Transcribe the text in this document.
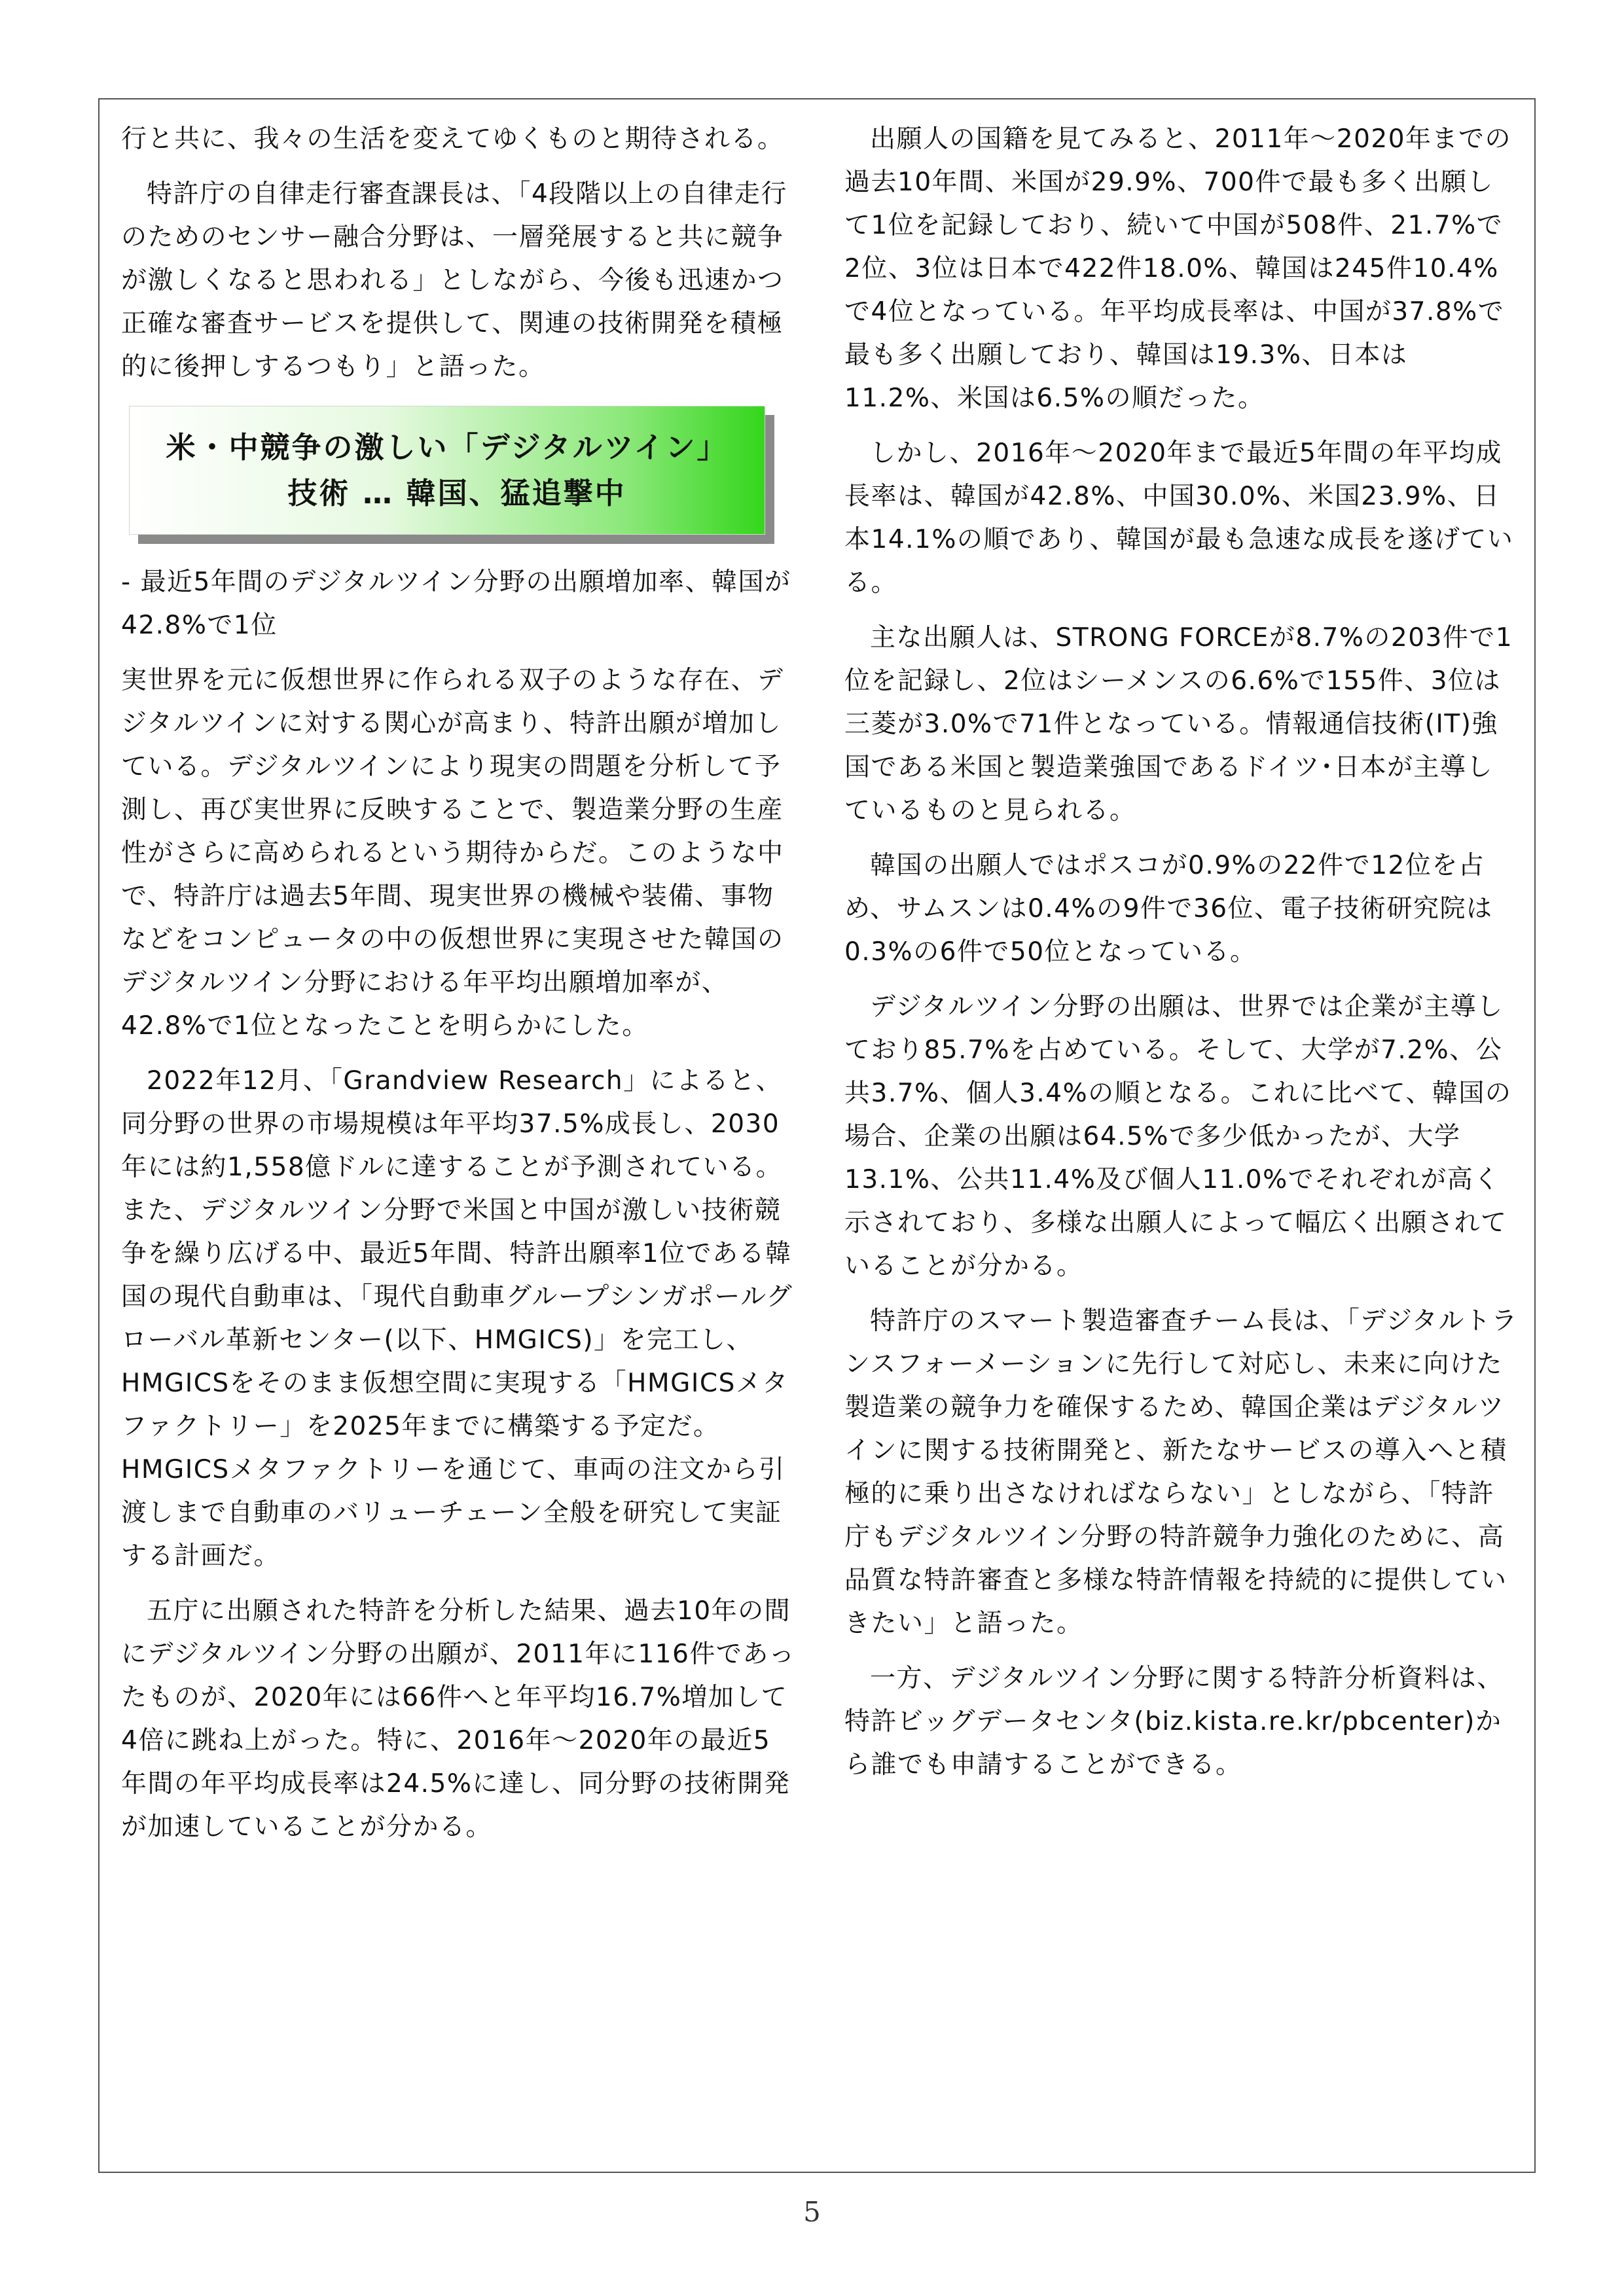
行と共に、我々の生活を変えてゆくものと期待される。

特許庁の自律走行審査課長は、「4段階以上の自律走行のためのセンサー融合分野は、一層発展すると共に競争が激しくなると思われる」としながら、今後も迅速かつ正確な審査サービスを提供して、関連の技術開発を積極的に後押しするつもり」と語った。

米・中競争の激しい「デジタルツイン」
技術 … 韓国、猛追撃中

- 最近5年間のデジタルツイン分野の出願増加率、韓国が42.8%で1位

実世界を元に仮想世界に作られる双子のような存在、デジタルツインに対する関心が高まり、特許出願が増加している。デジタルツインにより現実の問題を分析して予測し、再び実世界に反映することで、製造業分野の生産性がさらに高められるという期待からだ。このような中で、特許庁は過去5年間、現実世界の機械や装備、事物などをコンピュータの中の仮想世界に実現させた韓国のデジタルツイン分野における年平均出願増加率が、42.8%で1位となったことを明らかにした。

2022年12月、「Grandview Research」によると、同分野の世界の市場規模は年平均37.5%成長し、2030年には約1,558億ドルに達することが予測されている。また、デジタルツイン分野で米国と中国が激しい技術競争を繰り広げる中、最近5年間、特許出願率1位である韓国の現代自動車は、「現代自動車グループシンガポールグローバル革新センター(以下、HMGICS)」を完工し、HMGICSをそのまま仮想空間に実現する「HMGICSメタファクトリー」を2025年までに構築する予定だ。HMGICSメタファクトリーを通じて、車両の注文から引渡しまで自動車のバリューチェーン全般を研究して実証する計画だ。

五庁に出願された特許を分析した結果、過去10年の間にデジタルツイン分野の出願が、2011年に116件であったものが、2020年には66件へと年平均16.7%増加して4倍に跳ね上がった。特に、2016年～2020年の最近5年間の年平均成長率は24.5%に達し、同分野の技術開発が加速していることが分かる。

出願人の国籍を見てみると、2011年～2020年までの過去10年間、米国が29.9%、700件で最も多く出願して1位を記録しており、続いて中国が508件、21.7%で2位、3位は日本で422件18.0%、韓国は245件10.4%で4位となっている。年平均成長率は、中国が37.8%で最も多く出願しており、韓国は19.3%、日本は11.2%、米国は6.5%の順だった。

しかし、2016年～2020年まで最近5年間の年平均成長率は、韓国が42.8%、中国30.0%、米国23.9%、日本14.1%の順であり、韓国が最も急速な成長を遂げている。

主な出願人は、STRONG FORCEが8.7%の203件で1位を記録し、2位はシーメンスの6.6%で155件、3位は三菱が3.0%で71件となっている。情報通信技術(IT)強国である米国と製造業強国であるドイツ･日本が主導しているものと見られる。

韓国の出願人ではポスコが0.9%の22件で12位を占め、サムスンは0.4%の9件で36位、電子技術研究院は0.3%の6件で50位となっている。

デジタルツイン分野の出願は、世界では企業が主導しており85.7%を占めている。そして、大学が7.2%、公共3.7%、個人3.4%の順となる。これに比べて、韓国の場合、企業の出願は64.5%で多少低かったが、大学13.1%、公共11.4%及び個人11.0%でそれぞれが高く示されており、多様な出願人によって幅広く出願されていることが分かる。

特許庁のスマート製造審査チーム長は、「デジタルトランスフォーメーションに先行して対応し、未来に向けた製造業の競争力を確保するため、韓国企業はデジタルツインに関する技術開発と、新たなサービスの導入へと積極的に乗り出さなければならない」としながら、「特許庁もデジタルツイン分野の特許競争力強化のために、高品質な特許審査と多様な特許情報を持続的に提供していきたい」と語った。

一方、デジタルツイン分野に関する特許分析資料は、特許ビッグデータセンタ(biz.kista.re.kr/pbcenter)から誰でも申請することができる。

5
